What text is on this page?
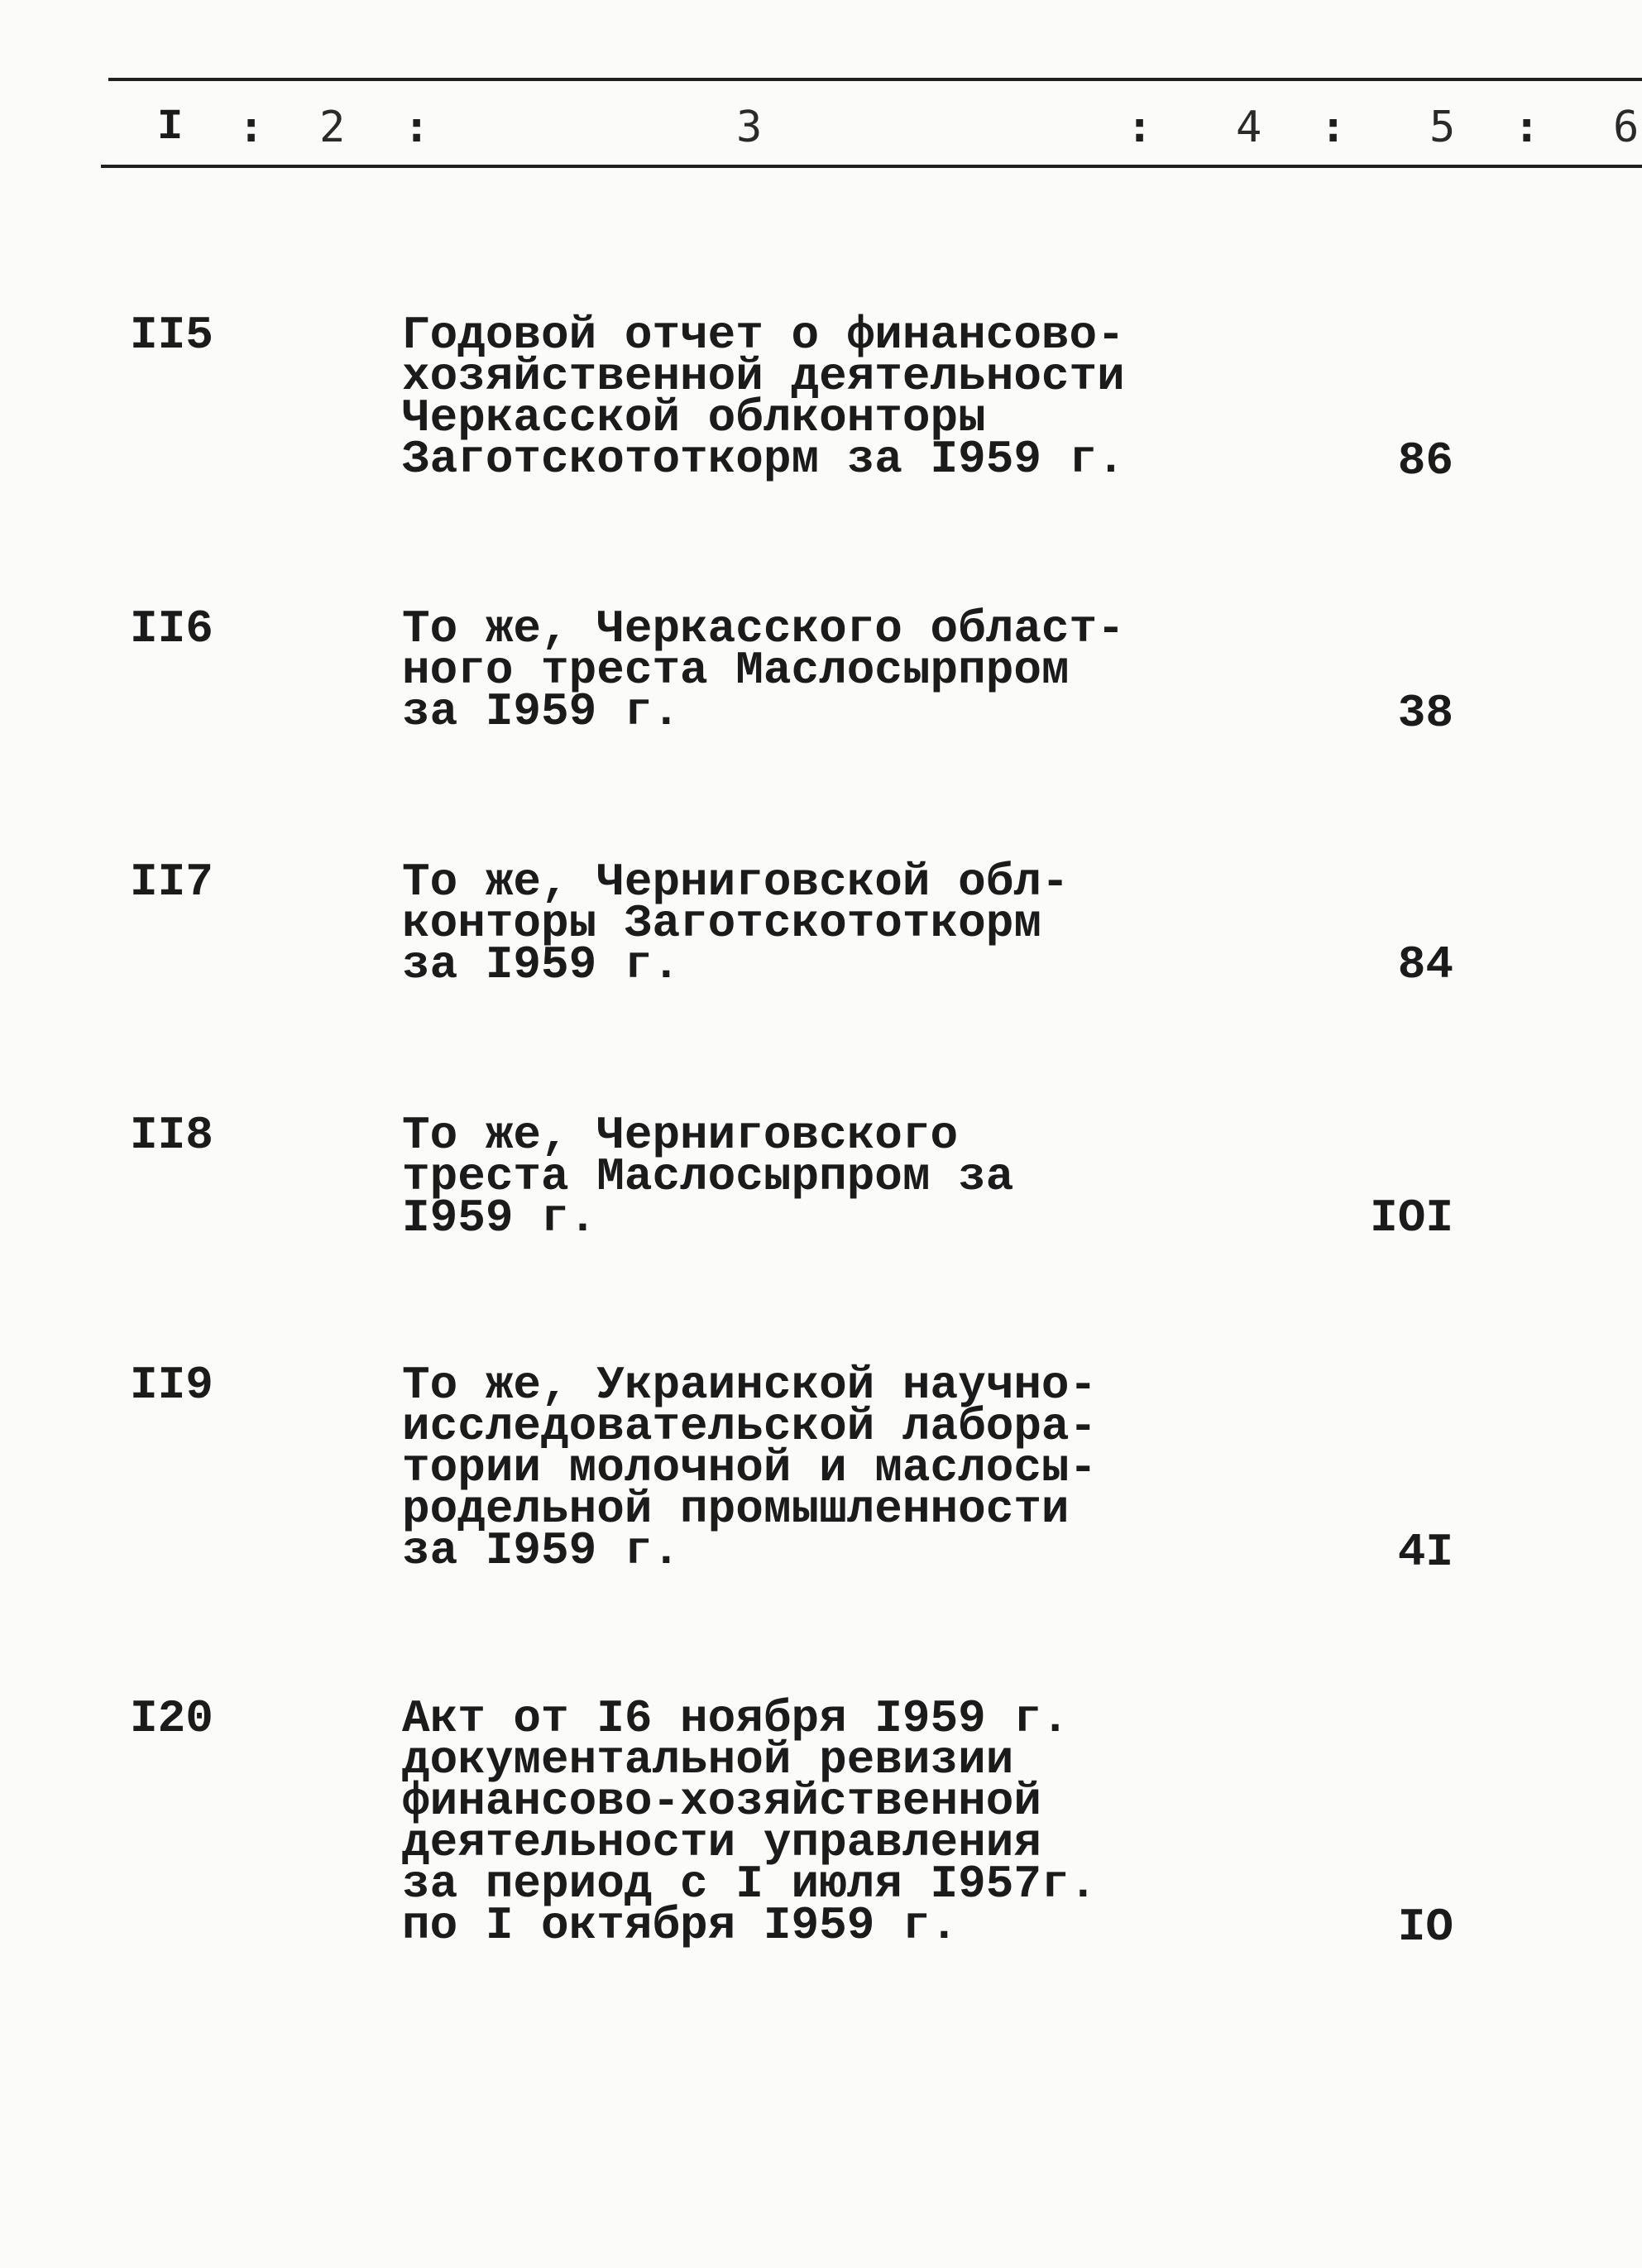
I : 2 :	3	: 4 : 5 : 6
II5	Годовой отчет о финансово-
хозяйственной деятельности
Черкасской облконторы
Заготскототкорм за I959 г.	86
II6	То же, Черкасского област-
ного треста Маслосырпром
за I959 г.	38
II7	То же, Черниговской обл-
конторы Заготскототкорм
за I959 г.	84
II8	То же, Черниговского
треста Маслосырпром за
I959 г.	IOI
II9	То же, Украинской научно-
исследовательской лабора-
тории молочной и маслосы-
родельной промышленности
за I959 г.	4I
I20	Акт от I6 ноября I959 г.
документальной ревизии
финансово-хозяйственной
деятельности управления
за период с I июля I957г.
по I октября I959 г.	IO
